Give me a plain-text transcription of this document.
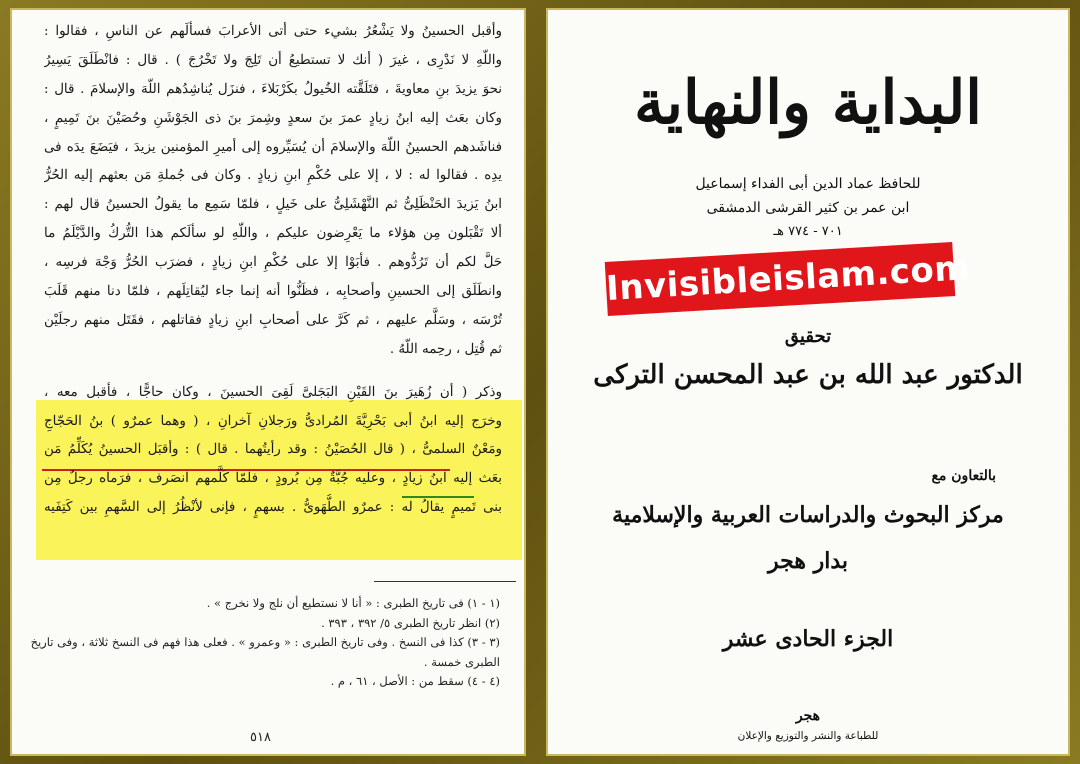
وأقبل الحسينُ ولا يَشْعُرُ بشيء حتى أتى الأعرابَ فسألَهم عن الناسِ ، فقالوا :
واللّهِ لا نَدْرِى ، غيرَ ( أنك لا تستطيعُ أن تَلِجَ ولا تَخْرُجَ ) . قال : فانْطَلَقَ يَسِيرُ
نحوَ يزيدَ بنِ معاويةَ ، فتَلَقَّته الخُيولُ بكَرْبَلاءَ ، فنزَل يُناشِدُهم اللّهَ والإسلامَ . قال :
وكان بعَث إليه ابنُ زيادٍ عمرَ بنَ سعدٍ وشِمرَ بنَ ذى الجَوْشَنِ وحُصَيْنَ بنَ تَمِيمٍ ،
فناشَدهم الحسينُ اللّهَ والإسلامَ أن يُسَيِّروه إلى أميرِ المؤمنين يزيدَ ، فيَضَعَ يدَه فى
يدِه . فقالوا له : لا ، إلا على حُكْمِ ابنِ زيادٍ . وكان فى جُملةِ مَن بعثهم إليه الحُرُّ
ابنُ يَزيدَ الحَنْظَلِىُّ ثم النَّهْشَلِىُّ على خَيلٍ ، فلمّا سَمِع ما يقولُ الحسينُ قال لهم :
ألا تَقْبَلون مِن هؤلاء ما يَعْرِضون عليكم ، واللّهِ لو سألَكم هذا التُّركُ والدَّيْلَمُ ما
حَلَّ لكم أن تَرُدُّوهم . فأبَوْا إلا على حُكْمِ ابنِ زيادٍ ، فضرَب الحُرُّ وَجْهَ فرسِه ،
وانطَلَق إلى الحسينِ وأصحابِه ، فظَنُّوا أنه إنما جاء ليُقاتِلَهم ، فلمّا دنا منهم قَلَبَ
تُرْسَه ، وسَلَّم عليهم ، ثم كَرَّ على أصحابِ ابنِ زيادٍ فقاتلهم ، فقَتَل منهم رجلَيْن
ثم قُتِل ، رحِمه اللّهُ .
وذكر ( أن زُهَيرَ بنَ القَيْنِ البَجَلىَّ لَقِىَ الحسينَ ، وكان حاجًّا ، فأقبل معه ،
وخرَج إليه ابنُ أبى بَحْرِيَّةَ المُرادىُّ ورَجلانِ آخرانِ ، ( وهما عمرٌو ) بنُ الحَجّاجِ
ومَعْنٌ السلمىُّ ، ( قال الحُصَيْنُ : وقد رأيتُهما . قال ) : وأقبَل الحسينُ يُكَلِّمُ مَن
بعَث إليه ابنُ زيادٍ ، وعليه جُبَّةٌ مِن بُرودٍ ، فلمّا كَلَّمهم انصَرف ، فرَماه رجلٌ مِن
بنى تَميمٍ يقالُ له : عمرٌو الطُّهَوىُّ . بسهمٍ ، فإنى لأنْظُرُ إلى السَّهمِ بين كَتِفَيه
(١ - ١) فى تاريخ الطبرى : « أنا لا نستطيع أن نلج ولا نخرج » .
(٢) انظر تاريخ الطبرى ٥/ ٣٩٢ ، ٣٩٣ .
(٣ - ٣) كذا فى النسخ . وفى تاريخ الطبرى : « وعمرو » . فعلى هذا فهم فى النسخ ثلاثة ، وفى تاريخ
الطبرى خمسة .
(٤ - ٤) سقط من : الأصل ، ٦١ ، م .
٥١٨
البداية والنهاية
للحافظ عماد الدين أبى الفداء إسماعيل
ابن عمر بن كثير القرشى الدمشقى
٧٠١ - ٧٧٤ هـ
Invisibleislam.com
تحقيق
الدكتور عبد الله بن عبد المحسن التركى
بالتعاون مع
مركز البحوث والدراسات العربية والإسلامية
بدار هجر
الجزء الحادى عشر
هجر
للطباعة والنشر والتوزيع والإعلان
